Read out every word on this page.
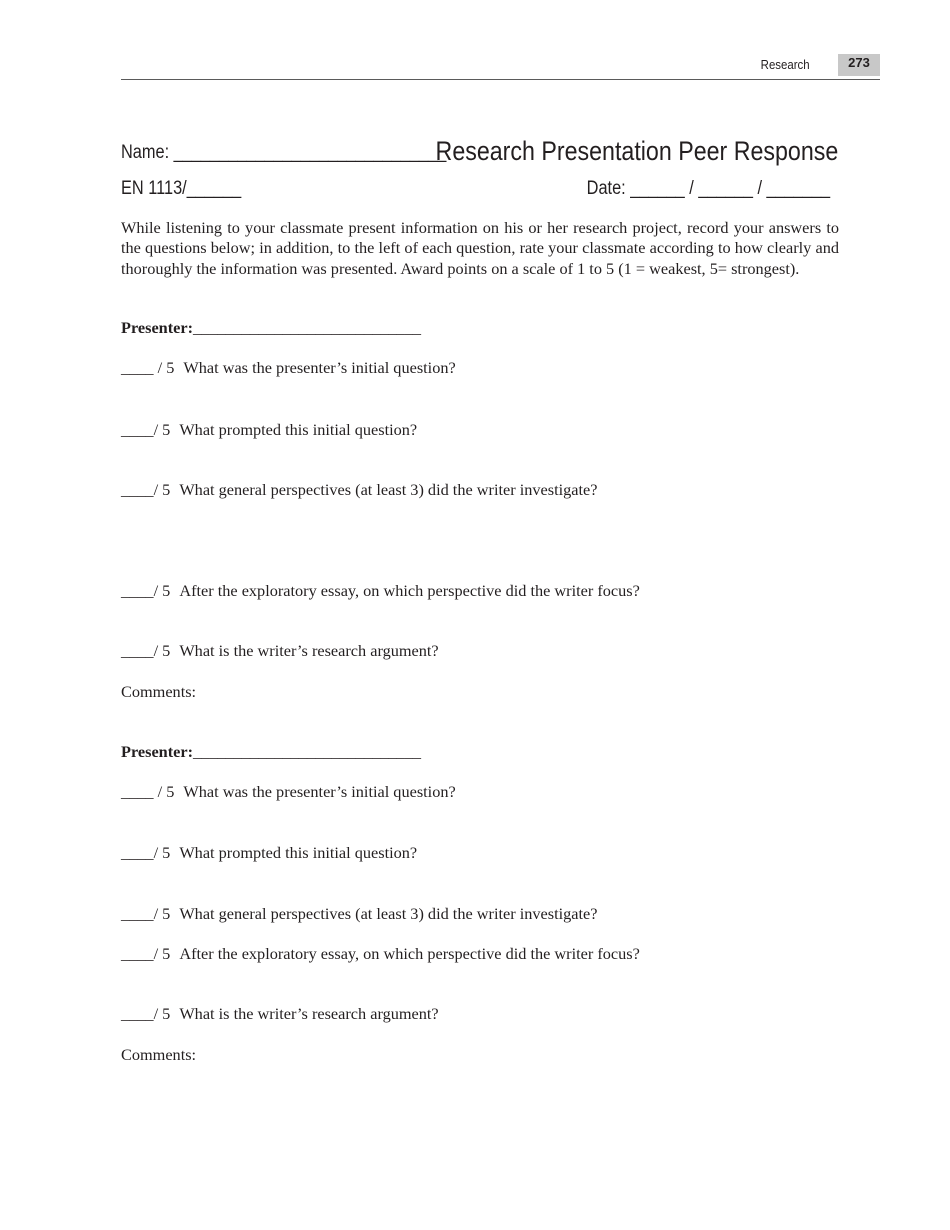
Research	273
Name: ______________________________
Research Presentation Peer Response
EN 1113/______	Date: ______ / ______ / _______
While listening to your classmate present information on his or her research project, record your answers to the questions below; in addition, to the left of each question, rate your classmate according to how clearly and thoroughly the information was presented. Award points on a scale of 1 to 5 (1 = weakest, 5= strongest).
Presenter:____________________________
____ / 5 What was the presenter’s initial question?
____/ 5 What prompted this initial question?
____/ 5 What general perspectives (at least 3) did the writer investigate?
____/ 5 After the exploratory essay, on which perspective did the writer focus?
____/ 5 What is the writer’s research argument?
Comments:
Presenter:____________________________
____ / 5 What was the presenter’s initial question?
____/ 5 What prompted this initial question?
____/ 5 What general perspectives (at least 3) did the writer investigate?
____/ 5 After the exploratory essay, on which perspective did the writer focus?
____/ 5 What is the writer’s research argument?
Comments:
